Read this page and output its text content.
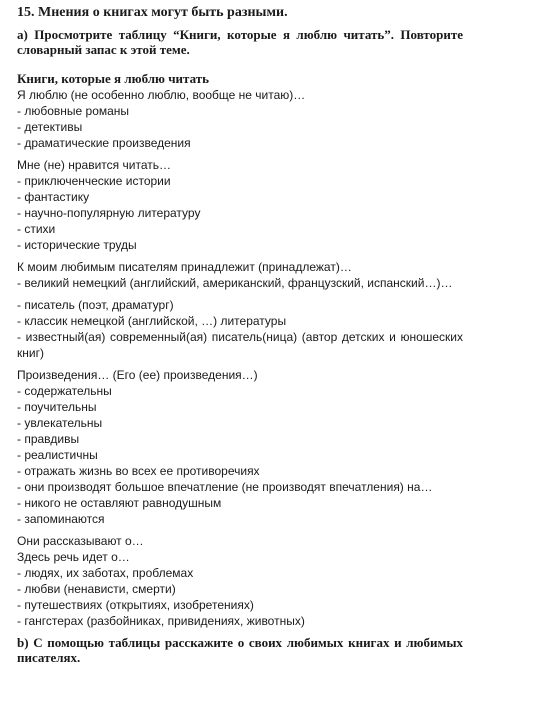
15. Мнения о книгах могут быть разными.

а) Просмотрите таблицу “Книги, которые я люблю читать”. Повторите словарный запас к этой теме.

Книги, которые я люблю читать

Я люблю (не особенно люблю, вообще не читаю)…

- любовные романы

- детективы

- драматические произведения

Мне (не) нравится читать…

- приключенческие истории

- фантастику

- научно-популярную литературу

- стихи

- исторические труды

К моим любимым писателям принадлежит (принадлежат)…

- великий немецкий (английский, американский, французский, испанский…)…

- писатель (поэт, драматург)

- классик немецкой (английской, …) литературы

- известный(ая) современный(ая) писатель(ница) (автор детских и юношеских книг)

Произведения… (Его (ее) произведения…)

- содержательны

- поучительны

- увлекательны

- правдивы

- реалистичны

- отражать жизнь во всех ее противоречиях

- они производят большое впечатление (не производят впечатления) на…

- никого не оставляют равнодушным

- запоминаются

Они рассказывают о…

Здесь речь идет о…

- людях, их заботах, проблемах

- любви (ненависти, смерти)

- путешествиях (открытиях, изобретениях)

- гангстерах (разбойниках, привидениях, животных)

b) С помощью таблицы расскажите о своих любимых книгах и любимых писателях.
